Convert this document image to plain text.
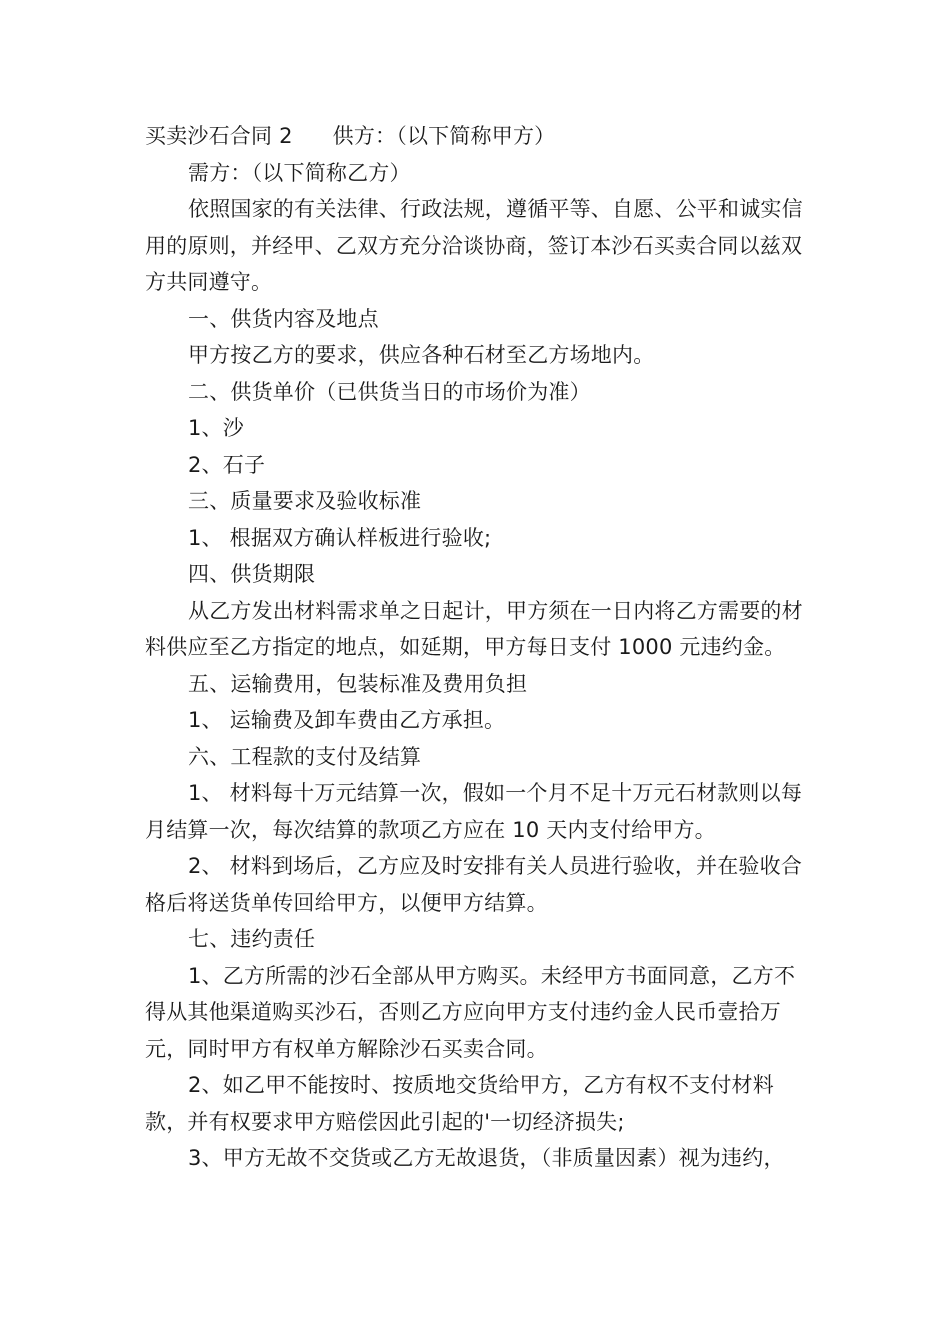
买卖沙石合同 2 供方：（以下简称甲方）

需方：（以下简称乙方）

依照国家的有关法律、行政法规，遵循平等、自愿、公平和诚实信用的原则，并经甲、乙双方充分洽谈协商，签订本沙石买卖合同以兹双方共同遵守。

一、供货内容及地点

甲方按乙方的要求，供应各种石材至乙方场地内。

二、供货单价（已供货当日的市场价为准）

1、沙

2、石子

三、质量要求及验收标准

1、 根据双方确认样板进行验收;

四、供货期限

从乙方发出材料需求单之日起计，甲方须在一日内将乙方需要的材料供应至乙方指定的地点，如延期，甲方每日支付 1000 元违约金。

五、运输费用，包装标准及费用负担

1、 运输费及卸车费由乙方承担。

六、工程款的支付及结算

1、 材料每十万元结算一次，假如一个月不足十万元石材款则以每月结算一次，每次结算的款项乙方应在 10 天内支付给甲方。

2、 材料到场后，乙方应及时安排有关人员进行验收，并在验收合格后将送货单传回给甲方，以便甲方结算。

七、违约责任

1、乙方所需的沙石全部从甲方购买。未经甲方书面同意，乙方不得从其他渠道购买沙石，否则乙方应向甲方支付违约金人民币壹拾万元，同时甲方有权单方解除沙石买卖合同。

2、如乙甲不能按时、按质地交货给甲方，乙方有权不支付材料款，并有权要求甲方赔偿因此引起的'一切经济损失;

3、甲方无故不交货或乙方无故退货，（非质量因素）视为违约，
